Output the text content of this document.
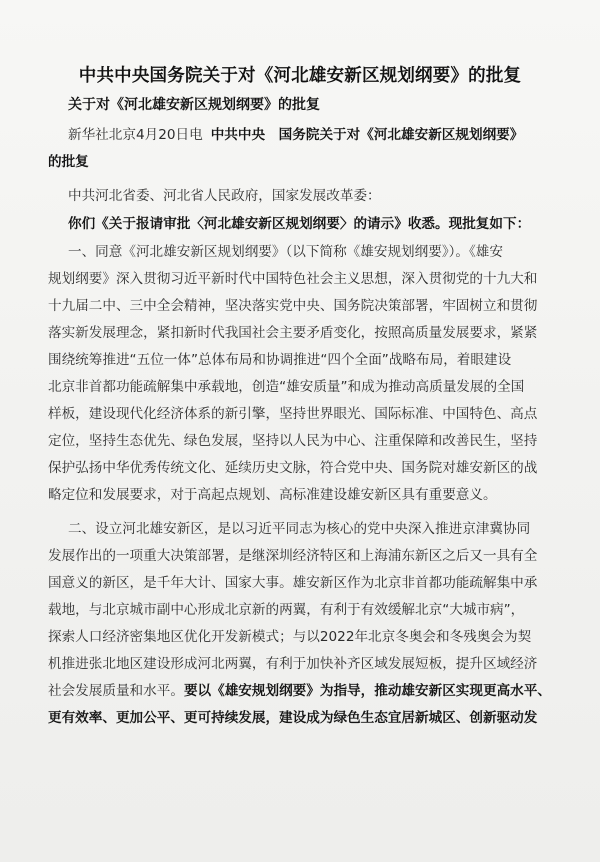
中共中央国务院关于对《河北雄安新区规划纲要》的批复
关于对《河北雄安新区规划纲要》的批复
新华社北京4月20日电 中共中央　国务院关于对《河北雄安新区规划纲要》
的批复
中共河北省委、河北省人民政府，国家发展改革委：
你们《关于报请审批〈河北雄安新区规划纲要〉的请示》收悉。现批复如下：
一、同意《河北雄安新区规划纲要》（以下简称《雄安规划纲要》）。《雄安
规划纲要》深入贯彻习近平新时代中国特色社会主义思想，深入贯彻党的十九大和
十九届二中、三中全会精神，坚决落实党中央、国务院决策部署，牢固树立和贯彻
落实新发展理念，紧扣新时代我国社会主要矛盾变化，按照高质量发展要求，紧紧
围绕统筹推进“五位一体”总体布局和协调推进“四个全面”战略布局，着眼建设
北京非首都功能疏解集中承载地，创造“雄安质量”和成为推动高质量发展的全国
样板，建设现代化经济体系的新引擎，坚持世界眼光、国际标准、中国特色、高点
定位，坚持生态优先、绿色发展，坚持以人民为中心、注重保障和改善民生，坚持
保护弘扬中华优秀传统文化、延续历史文脉，符合党中央、国务院对雄安新区的战
略定位和发展要求，对于高起点规划、高标准建设雄安新区具有重要意义。
二、设立河北雄安新区，是以习近平同志为核心的党中央深入推进京津冀协同
发展作出的一项重大决策部署，是继深圳经济特区和上海浦东新区之后又一具有全
国意义的新区，是千年大计、国家大事。雄安新区作为北京非首都功能疏解集中承
载地，与北京城市副中心形成北京新的两翼，有利于有效缓解北京“大城市病”，
探索人口经济密集地区优化开发新模式；与以2022年北京冬奥会和冬残奥会为契
机推进张北地区建设形成河北两翼，有利于加快补齐区域发展短板，提升区域经济
社会发展质量和水平。要以《雄安规划纲要》为指导，推动雄安新区实现更高水平、
更有效率、更加公平、更可持续发展，建设成为绿色生态宜居新城区、创新驱动发
